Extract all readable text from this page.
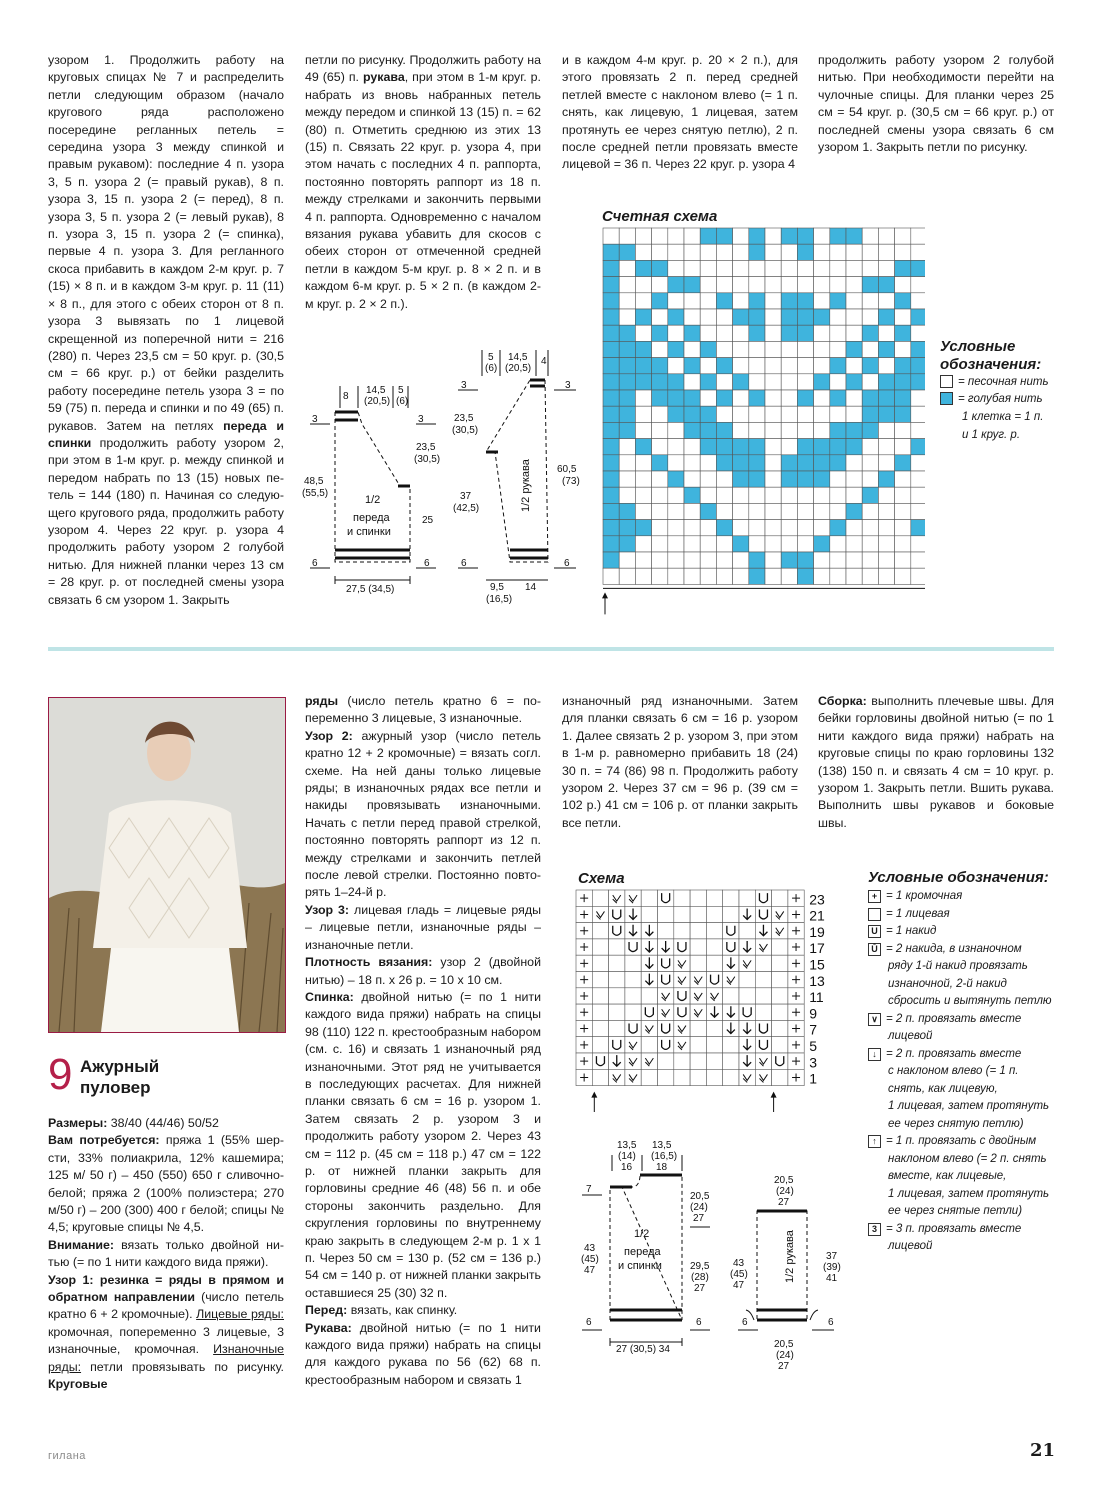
узором 1. Продолжить работу на круговых спицах № 7 и распределить петли следующим образом (начало кругового ряда расположено посередине регланных петель = середина узора 3 между спинкой и правым рукавом): последние 4 п. узора 3, 5 п. узора 2 (= правый рукав), 8 п. узора 3, 15 п. узора 2 (= перед), 8 п. узора 3, 5 п. узора 2 (= левый рукав), 8 п. узора 3, 15 п. узора 2 (= спинка), первые 4 п. узора 3. Для регланного скоса прибавить в каждом 2-м круг. р. 7 (15) × 8 п. и в каждом 3-м круг. р. 11 (11) × 8 п., для этого с обеих сторон от 8 п. узора 3 вывязать по 1 лицевой скрещенной из поперечной нити = 216 (280) п. Через 23,5 см = 50 круг. р. (30,5 см = 66 круг. р.) от бейки разделить работу посередине петель узора 3 = по 59 (75) п. переда и спинки и по 49 (65) п. рукавов. Затем на петлях переда и спинки продолжить работу узором 2, при этом в 1-м круг. р. между спинкой и передом набрать по 13 (15) новых петель = 144 (180) п. Начиная со следующего кругового ряда, продолжить работу узором 4. Через 22 круг. р. узора 4 продолжить работу узором 2 голубой нитью. Для нижней планки через 13 см = 28 круг. р. от последней смены узора связать 6 см узором 1. Закрыть

петли по рисунку. Продолжить работу на 49 (65) п. рукава, при этом в 1-м круг. р. набрать из вновь набранных петель между передом и спинкой 13 (15) п. = 62 (80) п. Отметить среднюю из этих 13 (15) п. Связать 22 круг. р. узора 4, при этом начать с последних 4 п. раппорта, постоянно повторять раппорт из 18 п. между стрелками и закончить первыми 4 п. раппорта. Одновременно с началом вязания рукава убавить для скосов с обеих сторон от отмеченной средней петли в каждом 5-м круг. р. 8 × 2 п. и в каждом 6-м круг. р. 5 × 2 п. (в каждом 2-м круг. р. 2 × 2 п.).

и в каждом 4-м круг. р. 20 × 2 п.), для этого провязать 2 п. перед средней петлей вместе с наклоном влево (= 1 п. снять, как лицевую, 1 лицевая, затем протянуть ее через снятую петлю), 2 п. после средней петли провязать вместе лицевой = 36 п. Через 22 круг. р. узора 4

продолжить работу узором 2 голубой нитью. При необходимости перейти на чулочные спицы. Для планки через 25 см = 54 круг. р. (30,5 см = 66 круг. р.) от последней смены узора связать 6 см узором 1. Закрыть петли по рисунку.

8
14,5
(20,5)
5
(6)
3	3
23,5
(30,5)
48,5
(55,5)
25
1/2
переда
и спинки
6	6
27,5 (34,5)
5
(6)
14,5
(20,5)
4
3	3
23,5
(30,5)
37
(42,5)
60,5
(73)
6	6
9,5
(16,5)
14
1/2 рукава
Счетная схема
Условные
обозначения:
= песочная нить
= голубая нить
1 клетка = 1 п.
и 1 круг. р.
9 Ажурный
пуловер

Размеры: 38/40 (44/46) 50/52

Вам потребуется: пряжа 1 (55% шерсти, 33% полиакрила, 12% кашемира; 125 м/ 50 г) – 450 (550) 650 г сливочно-белой; пряжа 2 (100% полиэстера; 270 м/50 г) – 200 (300) 400 г белой; спицы № 4,5; круговые спицы № 4,5.

Внимание: вязать только двойной нитью (= по 1 нити каждого вида пряжи).

Узор 1: резинка = ряды в прямом и обратном направлении (число петель кратно 6 + 2 кромочные). Лицевые ряды: кромочная, попеременно 3 лицевые, 3 изнаночные, кромочная. Изнаночные ряды: петли провязывать по рисунку. Круговые

ряды (число петель кратно 6 = попеременно 3 лицевые, 3 изнаночные.

Узор 2: ажурный узор (число петель кратно 12 + 2 кромочные) = вязать согл. схеме. На ней даны только лицевые ряды; в изнаночных рядах все петли и накиды провязывать изнаночными. Начать с петли перед правой стрелкой, постоянно повторять раппорт из 12 п. между стрелками и закончить петлей после левой стрелки. Постоянно повторять 1–24-й р.

Узор 3: лицевая гладь = лицевые ряды – лицевые петли, изнаночные ряды – изнаночные петли.

Плотность вязания: узор 2 (двойной нитью) – 18 п. x 26 р. = 10 x 10 см.

Спинка: двойной нитью (= по 1 нити каждого вида пряжи) набрать на спицы 98 (110) 122 п. крестообразным набором (см. с. 16) и связать 1 изнаночный ряд изнаночными. Этот ряд не учитывается в последующих расчетах. Для нижней планки связать 6 см = 16 р. узором 1. Затем связать 2 р. узором 3 и продолжить работу узором 2. Через 43 см = 112 р. (45 см = 118 р.) 47 см = 122 р. от нижней планки закрыть для горловины средние 46 (48) 56 п. и обе стороны закончить раздельно. Для скругления горловины по внутреннему краю закрыть в следующем 2-м р. 1 x 1 п. Через 50 см = 130 р. (52 см = 136 р.) 54 см = 140 р. от нижней планки закрыть оставшиеся 25 (30) 32 п.

Перед: вязать, как спинку.

Рукава: двойной нитью (= по 1 нити каждого вида пряжи) набрать на спицы для каждого рукава по 56 (62) 68 п. крестообразным набором и связать 1

изнаночный ряд изнаночными. Затем для планки связать 6 см = 16 р. узором 1. Далее связать 2 р. узором 3, при этом в 1-м р. равномерно прибавить 18 (24) 30 п. = 74 (86) 98 п. Продолжить работу узором 2. Через 37 см = 96 р. (39 см = 102 р.) 41 см = 106 р. от планки закрыть все петли.

Сборка: выполнить плечевые швы. Для бейки горловины двойной нитью (= по 1 нити каждого вида пряжи) набрать на круговые спицы по краю горловины 132 (138) 150 п. и связать 4 см = 10 круг. р. узором 1. Закрыть петли. Вшить рукава. Выполнить швы рукавов и боковые швы.

Схема
23
21
19
17
15
13
11
9
7
5
3
1
Условные обозначения:
+ = 1 кромочная
= 1 лицевая
U = 1 накид
Ů = 2 накида, в изнаночном
ряду 1-й накид провязать
изнаночной, 2-й накид
сбросить и вытянуть петлю
∨ = 2 п. провязать вместе
лицевой
↓ = 2 п. провязать вместе
с наклоном влево (= 1 п.
снять, как лицевую,
1 лицевая, затем протянуть
ее через снятую петлю)
↑ = 1 п. провязать с двойным
наклоном влево (= 2 п. снять
вместе, как лицевые,
1 лицевая, затем протянуть
ее через снятые петли)
3 = 3 п. провязать вместе
лицевой
13,5
(14)
16
13,5
(16,5)
18
7
20,5
(24)
27
43
(45)
47	29,5
(28)
27
1/2
переда
и спинки
6	6
27 (30,5) 34
20,5
(24)
27
43
(45)
47
37
(39)
41
6	6
20,5
(24)
27
1/2 рукава
гилана	21
